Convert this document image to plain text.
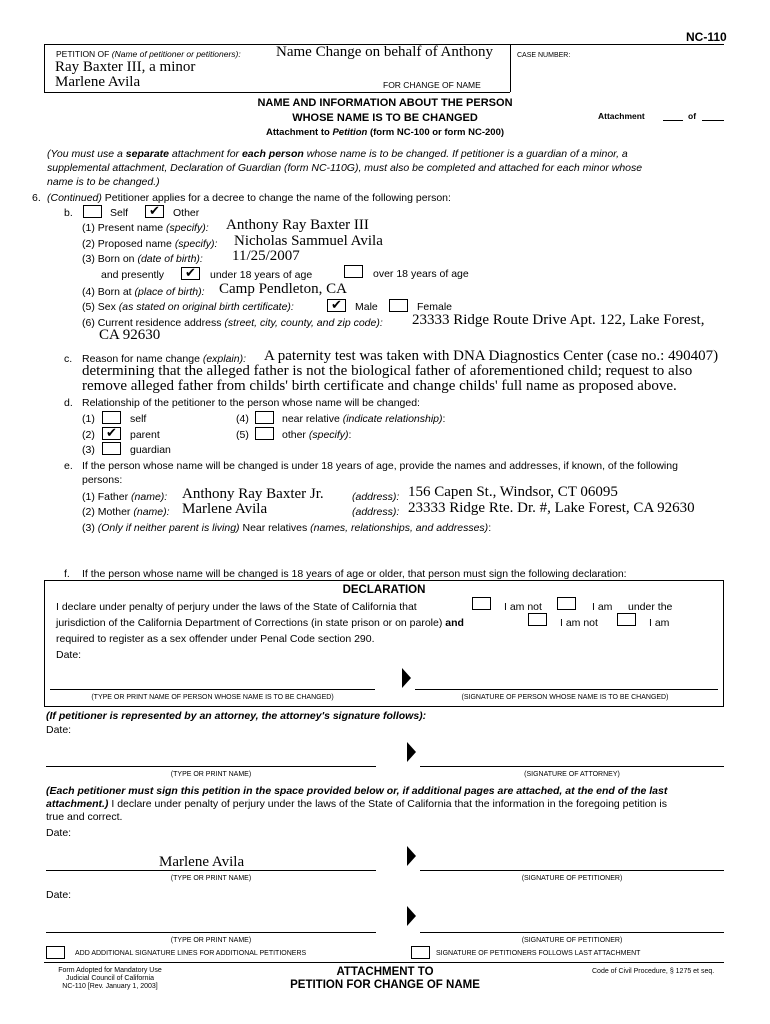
NC-110
PETITION OF (Name of petitioner or petitioners): Name Change on behalf of Anthony
Ray Baxter III, a minor
Marlene Avila	FOR CHANGE OF NAME
CASE NUMBER:
NAME AND INFORMATION ABOUT THE PERSON
WHOSE NAME IS TO BE CHANGED
Attachment to Petition (form NC-100 or form NC-200)
Attachment	of
(You must use a separate attachment for each person whose name is to be changed. If petitioner is a guardian of a minor, a
supplemental attachment, Declaration of Guardian (form NC-110G), must also be completed and attached for each minor whose
name is to be changed.)
6. (Continued) Petitioner applies for a decree to change the name of the following person:
b.	Self	✔	Other
(1) Present name (specify): Anthony Ray Baxter III
(2) Proposed name (specify): Nicholas Sammuel Avila
(3) Born on (date of birth): 11/25/2007
and presently	✔	under 18 years of age	over 18 years of age
(4) Born at (place of birth): Camp Pendleton, CA
(5) Sex (as stated on original birth certificate):	✔	Male	Female
(6) Current residence address (street, city, county, and zip code): 23333 Ridge Route Drive Apt. 122, Lake Forest,
CA 92630
c. Reason for name change (explain): A paternity test was taken with DNA Diagnostics Center (case no.: 490407)
determining that the alleged father is not the biological father of aforementioned child; request to also
remove alleged father from childs' birth certificate and change childs' full name as proposed above.
d. Relationship of the petitioner to the person whose name will be changed:
(1)	self
(2) ✔	parent
(3)	guardian
(4)	near relative (indicate relationship):
(5)	other (specify):
e. If the person whose name will be changed is under 18 years of age, provide the names and addresses, if known, of the following
persons:
(1) Father (name): Anthony Ray Baxter Jr.	(address): 156 Capen St., Windsor, CT 06095
(2) Mother (name): Marlene Avila	(address): 23333 Ridge Rte. Dr. #, Lake Forest, CA 92630
(3) (Only if neither parent is living) Near relatives (names, relationships, and addresses):
f. If the person whose name will be changed is 18 years of age or older, that person must sign the following declaration:
DECLARATION
I declare under penalty of perjury under the laws of the State of California that	I am not	I am under the
jurisdiction of the California Department of Corrections (in state prison or on parole) and	I am not	I am
required to register as a sex offender under Penal Code section 290.
Date:
(TYPE OR PRINT NAME OF PERSON WHOSE NAME IS TO BE CHANGED)	(SIGNATURE OF PERSON WHOSE NAME IS TO BE CHANGED)
(If petitioner is represented by an attorney, the attorney's signature follows):
Date:
(TYPE OR PRINT NAME)	(SIGNATURE OF ATTORNEY)
(Each petitioner must sign this petition in the space provided below or, if additional pages are attached, at the end of the last
attachment.) I declare under penalty of perjury under the laws of the State of California that the information in the foregoing petition is
true and correct.
Date:
Marlene Avila
(TYPE OR PRINT NAME)	(SIGNATURE OF PETITIONER)
Date:
(TYPE OR PRINT NAME)	(SIGNATURE OF PETITIONER)
ADD ADDITIONAL SIGNATURE LINES FOR ADDITIONAL PETITIONERS	SIGNATURE OF PETITIONERS FOLLOWS LAST ATTACHMENT
Form Adopted for Mandatory Use
Judicial Council of California
NC-110 [Rev. January 1, 2003]
ATTACHMENT TO
PETITION FOR CHANGE OF NAME
Code of Civil Procedure, § 1275 et seq.
